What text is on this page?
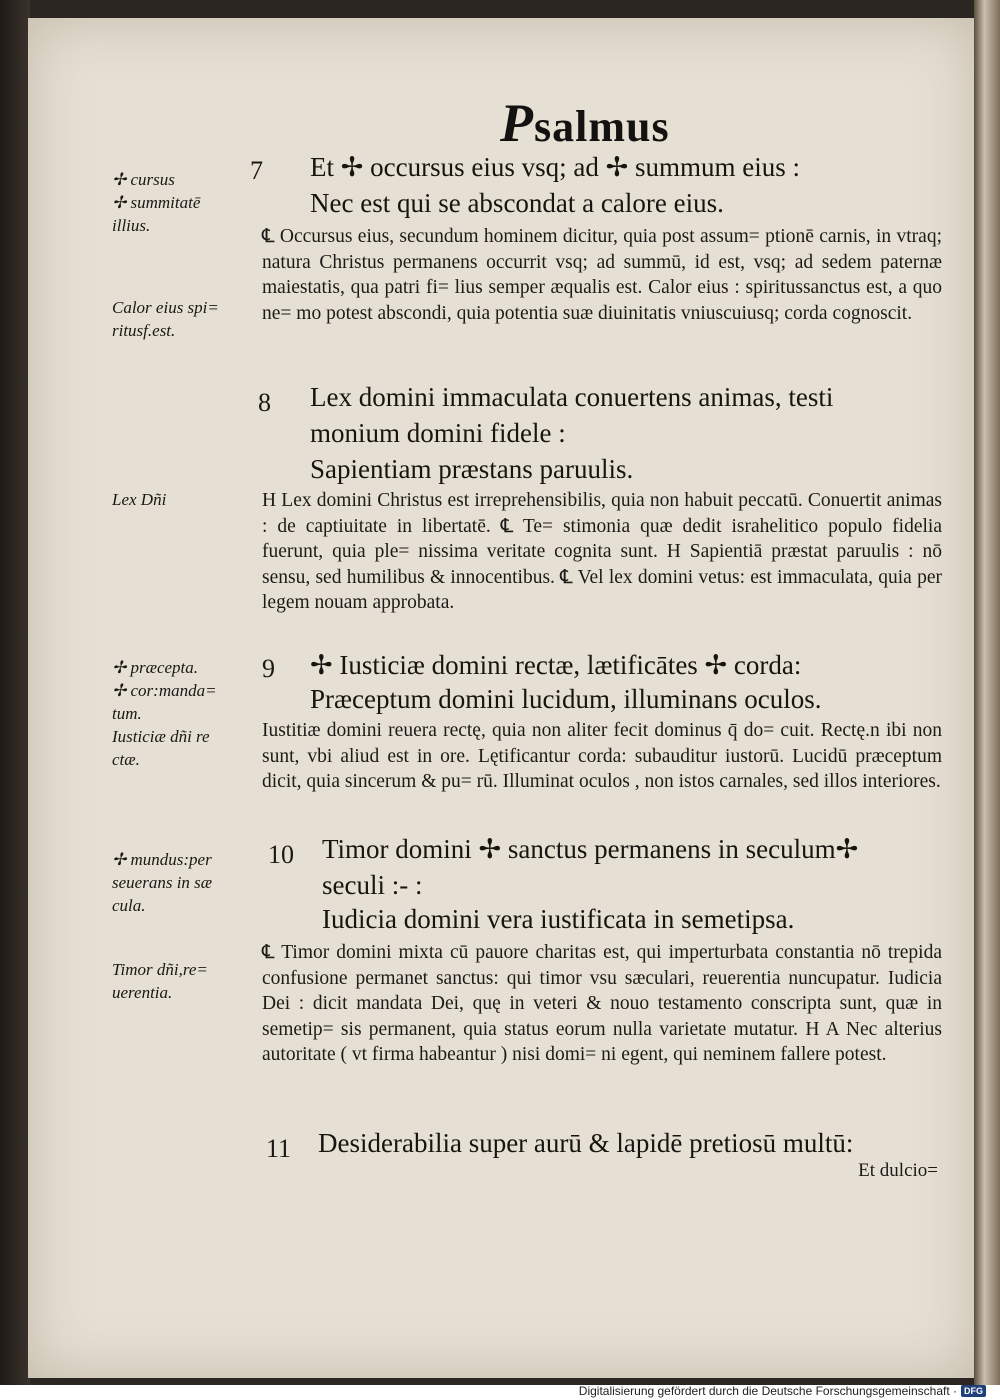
Psalmus
✢ cursus
✢ summitatē
illius.
Calor eius spi=
ritusf.est.
Lex Dñi
✢ præcepta.
✢ cor:manda=
tum.
Iusticiæ dñi re
ctæ.
✢ mundus:per
seuerans in sæ
cula.
Timor dñi,re=
uerentia.
7 Et ✢ occursus eius vsq; ad ✢ summum eius :
Nec est qui se abscondat a calore eius.
℄ Occursus eius, secundum hominem dicitur, quia post assum= ptionē carnis, in vtraq; natura Christus permanens occurrit vsq; ad summū, id est, vsq; ad sedem paternæ maiestatis, qua patri fi= lius semper æqualis est. Calor eius : spiritussanctus est, a quo ne= mo potest abscondi, quia potentia suæ diuinitatis vniuscuiusq; corda cognoscit.
8 Lex domini immaculata conuertens animas, testi
monium domini fidele :
Sapientiam præstans paruulis.
H Lex domini Christus est irreprehensibilis, quia non habuit peccatū. Conuertit animas : de captiuitate in libertatē. ℄ Te= stimonia quæ dedit israhelitico populo fidelia fuerunt, quia ple= nissima veritate cognita sunt. H Sapientiā præstat paruulis : nō sensu, sed humilibus & innocentibus. ℄ Vel lex domini vetus: est immaculata, quia per legem nouam approbata.
9 ✢ Iusticiæ domini rectæ, lætificātes ✢ corda:
Præceptum domini lucidum, illuminans oculos.
Iustitiæ domini reuera rectę, quia non aliter fecit dominus q̄ do= cuit. Rectę.n ibi non sunt, vbi aliud est in ore. Lętificantur corda: subauditur iustorū. Lucidū præceptum dicit, quia sincerum & pu= rū. Illuminat oculos , non istos carnales, sed illos interiores.
10 Timor domini ✢ sanctus permanens in seculum✢
seculi :- :
Iudicia domini vera iustificata in semetipsa.
℄ Timor domini mixta cū pauore charitas est, qui imperturbata constantia nō trepida confusione permanet sanctus: qui timor vsu sæculari, reuerentia nuncupatur. Iudicia Dei : dicit mandata Dei, quę in veteri & nouo testamento conscripta sunt, quæ in semetip= sis permanent, quia status eorum nulla varietate mutatur. H A Nec alterius autoritate ( vt firma habeantur ) nisi domi= ni egent, qui neminem fallere potest.
11 Desiderabilia super aurū & lapidē pretiosū multū:
Et dulcio=
Digitalisierung gefördert durch die Deutsche Forschungsgemeinschaft · DFG
